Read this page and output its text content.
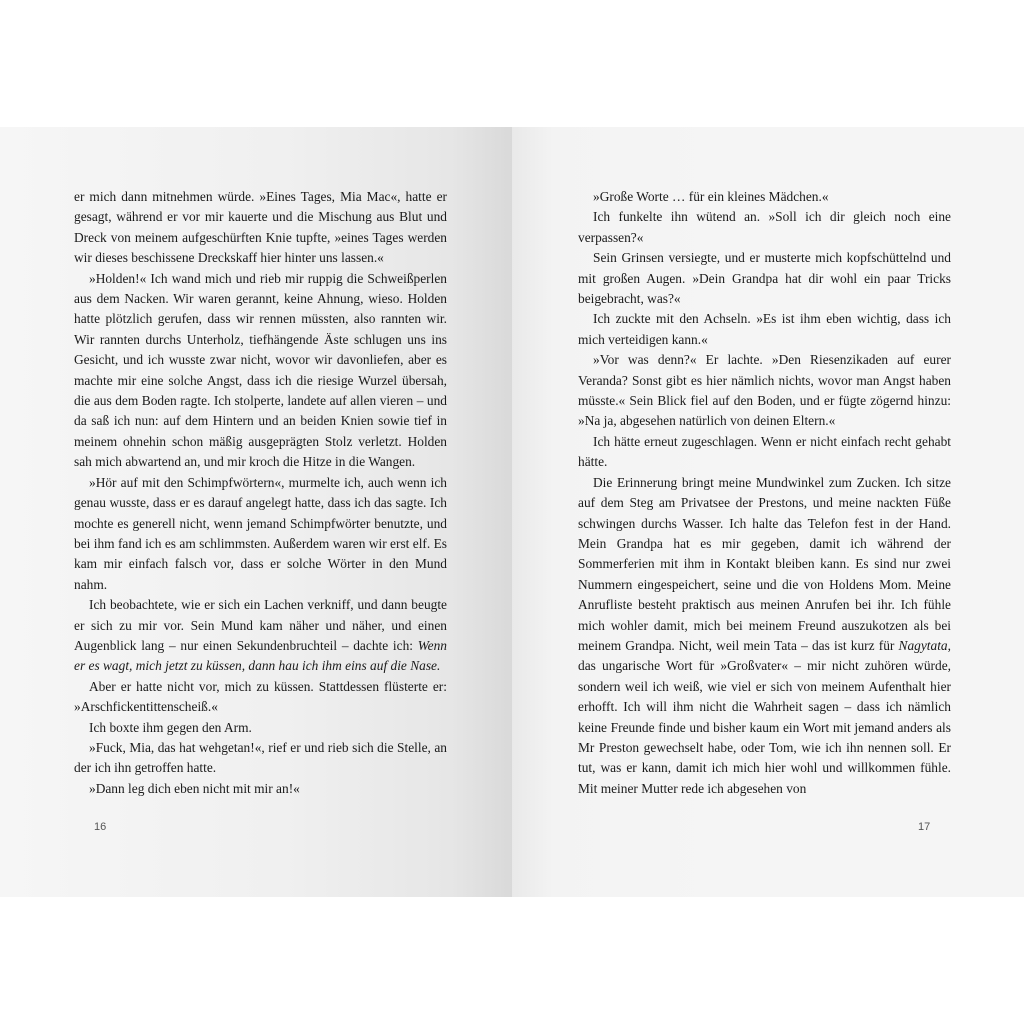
er mich dann mitnehmen würde. »Eines Tages, Mia Mac«, hatte er gesagt, während er vor mir kauerte und die Mischung aus Blut und Dreck von meinem aufgeschürften Knie tupfte, »eines Tages werden wir dieses beschissene Dreckskaff hier hinter uns lassen.«

»Holden!« Ich wand mich und rieb mir ruppig die Schweißperlen aus dem Nacken. Wir waren gerannt, keine Ahnung, wieso. Holden hatte plötzlich gerufen, dass wir rennen müssten, also rannten wir. Wir rannten durchs Unterholz, tiefhängende Äste schlugen uns ins Gesicht, und ich wusste zwar nicht, wovor wir davonliefen, aber es machte mir eine solche Angst, dass ich die riesige Wurzel übersah, die aus dem Boden ragte. Ich stolperte, landete auf allen vieren – und da saß ich nun: auf dem Hintern und an beiden Knien sowie tief in meinem ohnehin schon mäßig ausgeprägten Stolz verletzt. Holden sah mich abwartend an, und mir kroch die Hitze in die Wangen.

»Hör auf mit den Schimpfwörtern«, murmelte ich, auch wenn ich genau wusste, dass er es darauf angelegt hatte, dass ich das sagte. Ich mochte es generell nicht, wenn jemand Schimpfwörter benutzte, und bei ihm fand ich es am schlimmsten. Außerdem waren wir erst elf. Es kam mir einfach falsch vor, dass er solche Wörter in den Mund nahm.

Ich beobachtete, wie er sich ein Lachen verkniff, und dann beugte er sich zu mir vor. Sein Mund kam näher und näher, und einen Augenblick lang – nur einen Sekundenbruchteil – dachte ich: Wenn er es wagt, mich jetzt zu küssen, dann hau ich ihm eins auf die Nase.

Aber er hatte nicht vor, mich zu küssen. Stattdessen flüsterte er: »Arschfickentittenscheiß.«

Ich boxte ihm gegen den Arm.

»Fuck, Mia, das hat wehgetan!«, rief er und rieb sich die Stelle, an der ich ihn getroffen hatte.

»Dann leg dich eben nicht mit mir an!«

16

»Große Worte … für ein kleines Mädchen.«

Ich funkelte ihn wütend an. »Soll ich dir gleich noch eine verpassen?«

Sein Grinsen versiegte, und er musterte mich kopfschüttelnd und mit großen Augen. »Dein Grandpa hat dir wohl ein paar Tricks beigebracht, was?«

Ich zuckte mit den Achseln. »Es ist ihm eben wichtig, dass ich mich verteidigen kann.«

»Vor was denn?« Er lachte. »Den Riesenzikaden auf eurer Veranda? Sonst gibt es hier nämlich nichts, wovor man Angst haben müsste.« Sein Blick fiel auf den Boden, und er fügte zögernd hinzu: »Na ja, abgesehen natürlich von deinen Eltern.«

Ich hätte erneut zugeschlagen. Wenn er nicht einfach recht gehabt hätte.

Die Erinnerung bringt meine Mundwinkel zum Zucken. Ich sitze auf dem Steg am Privatsee der Prestons, und meine nackten Füße schwingen durchs Wasser. Ich halte das Telefon fest in der Hand. Mein Grandpa hat es mir gegeben, damit ich während der Sommerferien mit ihm in Kontakt bleiben kann. Es sind nur zwei Nummern eingespeichert, seine und die von Holdens Mom. Meine Anrufliste besteht praktisch aus meinen Anrufen bei ihr. Ich fühle mich wohler damit, mich bei meinem Freund auszukotzen als bei meinem Grandpa. Nicht, weil mein Tata – das ist kurz für Nagytata, das ungarische Wort für »Großvater« – mir nicht zuhören würde, sondern weil ich weiß, wie viel er sich von meinem Aufenthalt hier erhofft. Ich will ihm nicht die Wahrheit sagen – dass ich nämlich keine Freunde finde und bisher kaum ein Wort mit jemand anders als Mr Preston gewechselt habe, oder Tom, wie ich ihn nennen soll. Er tut, was er kann, damit ich mich hier wohl und willkommen fühle. Mit meiner Mutter rede ich abgesehen von

17
